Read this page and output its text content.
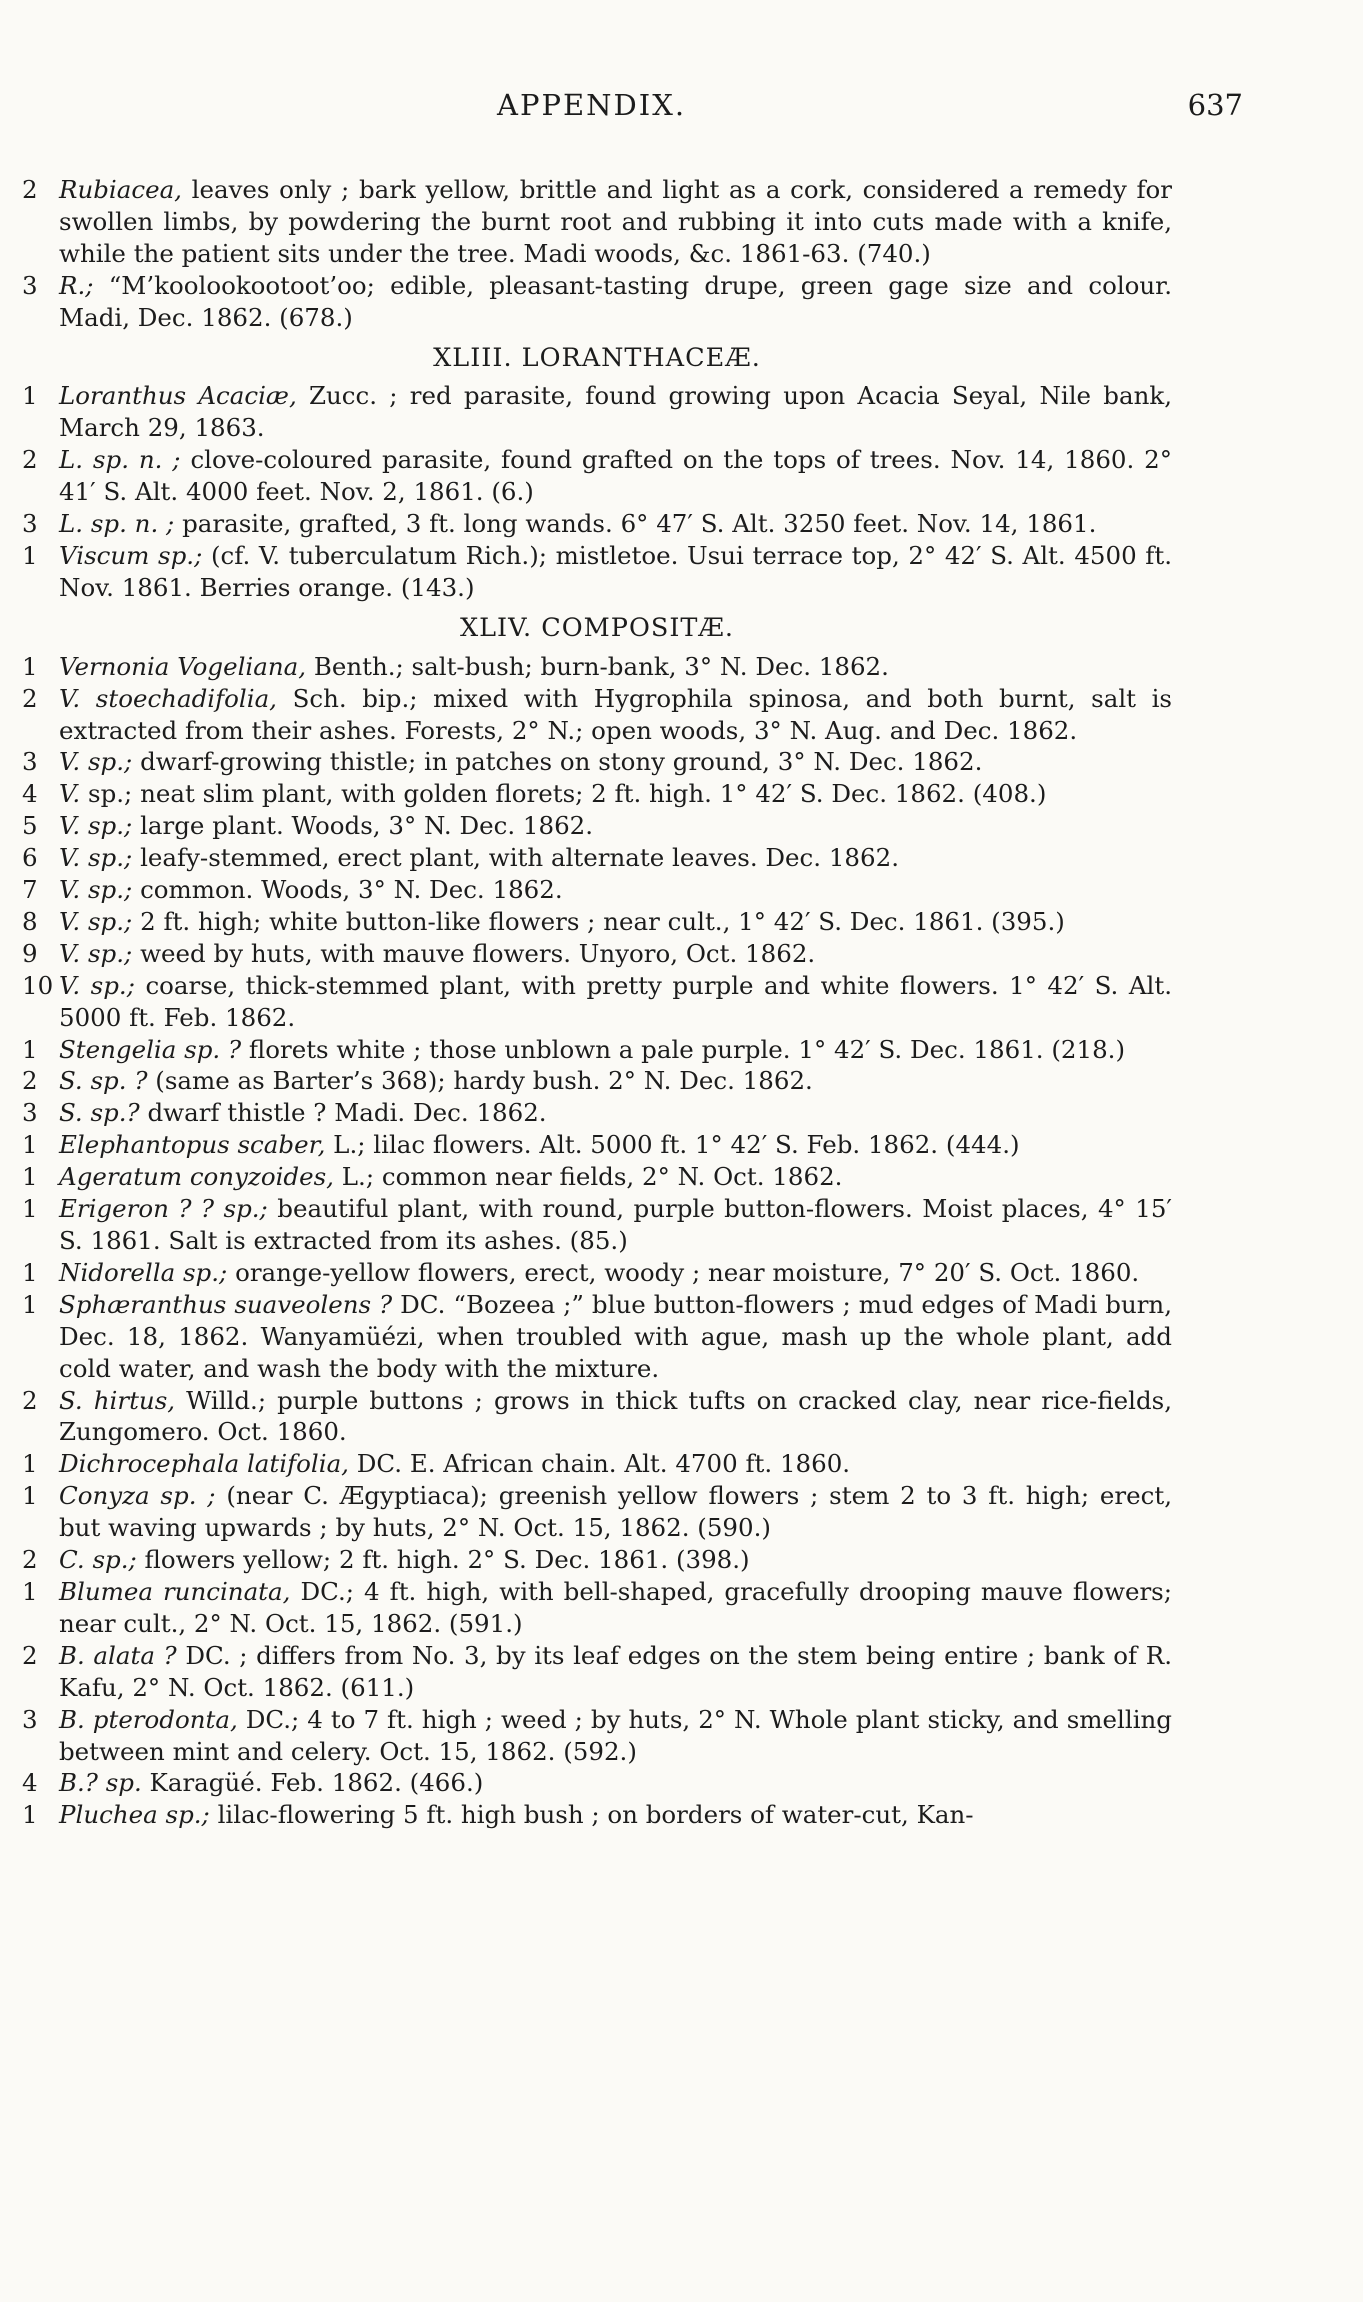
APPENDIX.	637

2 Rubiacea, leaves only ; bark yellow, brittle and light as a cork, considered a remedy for swollen limbs, by powdering the burnt root and rubbing it into cuts made with a knife, while the patient sits under the tree. Madi woods, &c. 1861-63. (740.)

3 R.; “M’koolookootoot’oo; edible, pleasant-tasting drupe, green gage size and colour. Madi, Dec. 1862. (678.)

XLIII. LORANTHACEÆ.

1 Loranthus Acaciæ, Zucc. ; red parasite, found growing upon Acacia Seyal, Nile bank, March 29, 1863.

2 L. sp. n. ; clove-coloured parasite, found grafted on the tops of trees. Nov. 14, 1860. 2° 41′ S. Alt. 4000 feet. Nov. 2, 1861. (6.)

3 L. sp. n. ; parasite, grafted, 3 ft. long wands. 6° 47′ S. Alt. 3250 feet. Nov. 14, 1861.

1 Viscum sp.; (cf. V. tuberculatum Rich.); mistletoe. Usui terrace top, 2° 42′ S. Alt. 4500 ft. Nov. 1861. Berries orange. (143.)

XLIV. COMPOSITÆ.

1 Vernonia Vogeliana, Benth.; salt-bush; burn-bank, 3° N. Dec. 1862.

2 V. stoechadifolia, Sch. bip.; mixed with Hygrophila spinosa, and both burnt, salt is extracted from their ashes. Forests, 2° N.; open woods, 3° N. Aug. and Dec. 1862.

3 V. sp.; dwarf-growing thistle; in patches on stony ground, 3° N. Dec. 1862.

4 V. sp.; neat slim plant, with golden florets; 2 ft. high. 1° 42′ S. Dec. 1862. (408.)

5 V. sp.; large plant. Woods, 3° N. Dec. 1862.

6 V. sp.; leafy-stemmed, erect plant, with alternate leaves. Dec. 1862.

7 V. sp.; common. Woods, 3° N. Dec. 1862.

8 V. sp.; 2 ft. high; white button-like flowers ; near cult., 1° 42′ S. Dec. 1861. (395.)

9 V. sp.; weed by huts, with mauve flowers. Unyoro, Oct. 1862.

10 V. sp.; coarse, thick-stemmed plant, with pretty purple and white flowers. 1° 42′ S. Alt. 5000 ft. Feb. 1862.

1 Stengelia sp. ? florets white ; those unblown a pale purple. 1° 42′ S. Dec. 1861. (218.)

2 S. sp. ? (same as Barter’s 368); hardy bush. 2° N. Dec. 1862.

3 S. sp.? dwarf thistle ? Madi. Dec. 1862.

1 Elephantopus scaber, L.; lilac flowers. Alt. 5000 ft. 1° 42′ S. Feb. 1862. (444.)

1 Ageratum conyzoides, L.; common near fields, 2° N. Oct. 1862.

1 Erigeron ? ? sp.; beautiful plant, with round, purple button-flowers. Moist places, 4° 15′ S. 1861. Salt is extracted from its ashes. (85.)

1 Nidorella sp.; orange-yellow flowers, erect, woody ; near moisture, 7° 20′ S. Oct. 1860.

1 Sphæranthus suaveolens ? DC. “Bozeea ;” blue button-flowers ; mud edges of Madi burn, Dec. 18, 1862. Wanyamüézi, when troubled with ague, mash up the whole plant, add cold water, and wash the body with the mixture.

2 S. hirtus, Willd.; purple buttons ; grows in thick tufts on cracked clay, near rice-fields, Zungomero. Oct. 1860.

1 Dichrocephala latifolia, DC. E. African chain. Alt. 4700 ft. 1860.

1 Conyza sp. ; (near C. Ægyptiaca); greenish yellow flowers ; stem 2 to 3 ft. high; erect, but waving upwards ; by huts, 2° N. Oct. 15, 1862. (590.)

2 C. sp.; flowers yellow; 2 ft. high. 2° S. Dec. 1861. (398.)

1 Blumea runcinata, DC.; 4 ft. high, with bell-shaped, gracefully drooping mauve flowers; near cult., 2° N. Oct. 15, 1862. (591.)

2 B. alata ? DC. ; differs from No. 3, by its leaf edges on the stem being entire ; bank of R. Kafu, 2° N. Oct. 1862. (611.)

3 B. pterodonta, DC.; 4 to 7 ft. high ; weed ; by huts, 2° N. Whole plant sticky, and smelling between mint and celery. Oct. 15, 1862. (592.)

4 B.? sp. Karagüé. Feb. 1862. (466.)

1 Pluchea sp.; lilac-flowering 5 ft. high bush ; on borders of water-cut, Kan-
